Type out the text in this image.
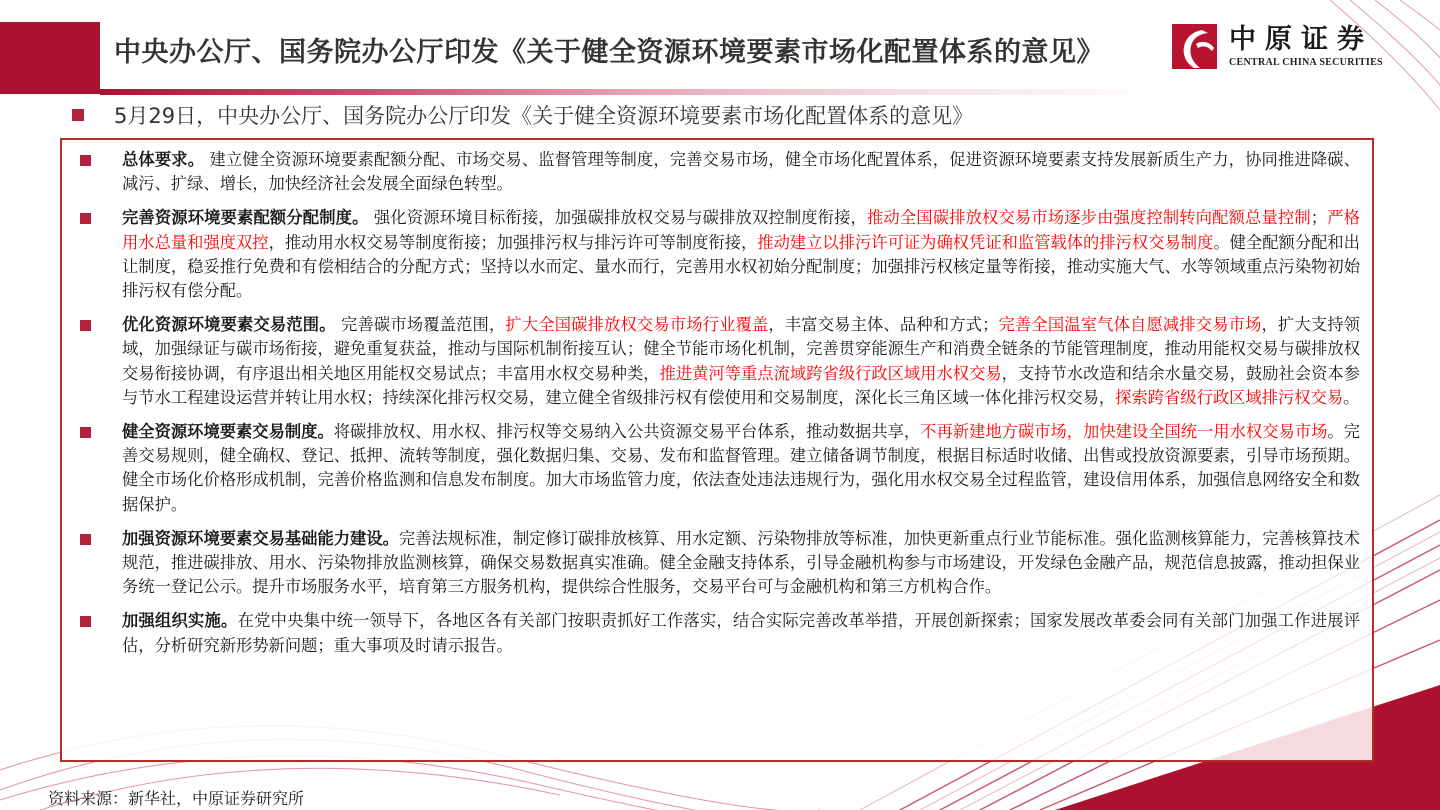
中央办公厅、国务院办公厅印发《关于健全资源环境要素市场化配置体系的意见》	中原证券
CENTRAL CHINA SECURITIES
5月29日，中央办公厅、国务院办公厅印发《关于健全资源环境要素市场化配置体系的意见》
总体要求。 建立健全资源环境要素配额分配、市场交易、监督管理等制度，完善交易市场，健全市场化配置体系，促进资源环境要素支持发展新质生产力，协同推进降碳、减污、扩绿、增长，加快经济社会发展全面绿色转型。
完善资源环境要素配额分配制度。 强化资源环境目标衔接，加强碳排放权交易与碳排放双控制度衔接，推动全国碳排放权交易市场逐步由强度控制转向配额总量控制；严格用水总量和强度双控，推动用水权交易等制度衔接；加强排污权与排污许可等制度衔接，推动建立以排污许可证为确权凭证和监管载体的排污权交易制度。健全配额分配和出让制度，稳妥推行免费和有偿相结合的分配方式；坚持以水而定、量水而行，完善用水权初始分配制度；加强排污权核定量等衔接，推动实施大气、水等领域重点污染物初始排污权有偿分配。
优化资源环境要素交易范围。 完善碳市场覆盖范围，扩大全国碳排放权交易市场行业覆盖，丰富交易主体、品种和方式；完善全国温室气体自愿减排交易市场，扩大支持领域，加强绿证与碳市场衔接，避免重复获益，推动与国际机制衔接互认；健全节能市场化机制，完善贯穿能源生产和消费全链条的节能管理制度，推动用能权交易与碳排放权交易衔接协调，有序退出相关地区用能权交易试点；丰富用水权交易种类，推进黄河等重点流域跨省级行政区域用水权交易，支持节水改造和结余水量交易，鼓励社会资本参与节水工程建设运营并转让用水权；持续深化排污权交易，建立健全省级排污权有偿使用和交易制度，深化长三角区域一体化排污权交易，探索跨省级行政区域排污权交易。
健全资源环境要素交易制度。将碳排放权、用水权、排污权等交易纳入公共资源交易平台体系，推动数据共享，不再新建地方碳市场，加快建设全国统一用水权交易市场。完善交易规则，健全确权、登记、抵押、流转等制度，强化数据归集、交易、发布和监督管理。建立储备调节制度，根据目标适时收储、出售或投放资源要素，引导市场预期。健全市场化价格形成机制，完善价格监测和信息发布制度。加大市场监管力度，依法查处违法违规行为，强化用水权交易全过程监管，建设信用体系，加强信息网络安全和数据保护。
加强资源环境要素交易基础能力建设。完善法规标准，制定修订碳排放核算、用水定额、污染物排放等标准，加快更新重点行业节能标准。强化监测核算能力，完善核算技术规范，推进碳排放、用水、污染物排放监测核算，确保交易数据真实准确。健全金融支持体系，引导金融机构参与市场建设，开发绿色金融产品，规范信息披露，推动担保业务统一登记公示。提升市场服务水平，培育第三方服务机构，提供综合性服务，交易平台可与金融机构和第三方机构合作。
加强组织实施。在党中央集中统一领导下，各地区各有关部门按职责抓好工作落实，结合实际完善改革举措，开展创新探索；国家发展改革委会同有关部门加强工作进展评估，分析研究新形势新问题；重大事项及时请示报告。
资料来源：新华社，中原证券研究所
